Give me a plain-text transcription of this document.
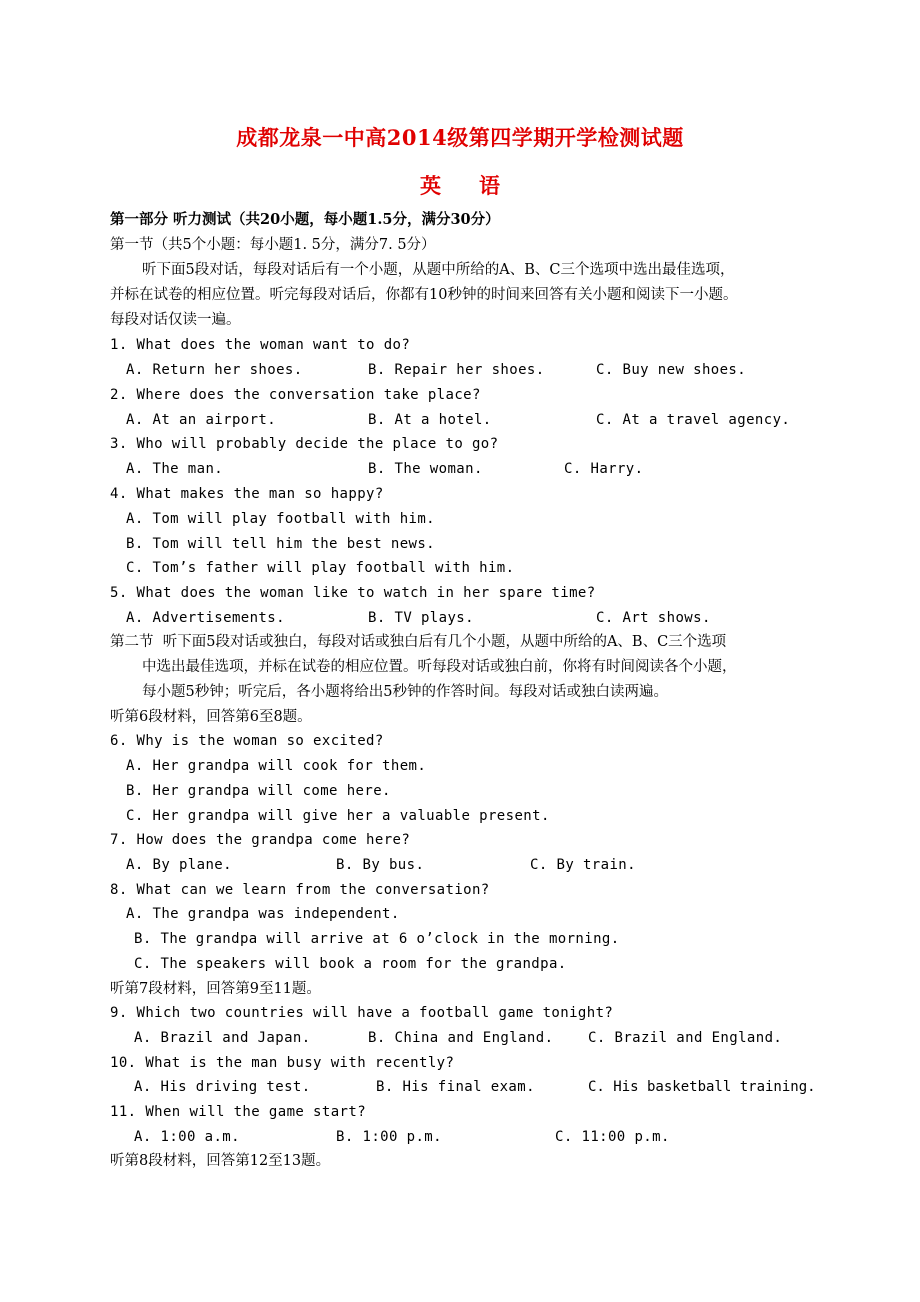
成都龙泉一中高2014级第四学期开学检测试题
英语
第一部分 听力测试（共20小题，每小题1.5分，满分30分）
第一节（共5个小题：每小题1. 5分，满分7. 5分）
听下面5段对话，每段对话后有一个小题，从题中所给的A、B、C三个选项中选出最佳选项，
并标在试卷的相应位置。听完每段对话后，你都有10秒钟的时间来回答有关小题和阅读下一小题。
每段对话仅读一遍。
1. What does the woman want to do?
A. Return her shoes.	B. Repair her shoes.	C. Buy new shoes.
2. Where does the conversation take place?
A. At an airport.	B. At a hotel.	C. At a travel agency.
3. Who will probably decide the place to go?
A. The man.	B. The woman.	C. Harry.
4. What makes the man so happy?
A. Tom will play football with him.
B. Tom will tell him the best news.
C. Tom’s father will play football with him.
5. What does the woman like to watch in her spare time?
A. Advertisements.	B. TV plays.	C. Art shows.
第二节  听下面5段对话或独白，每段对话或独白后有几个小题，从题中所给的A、B、C三个选项
中选出最佳选项，并标在试卷的相应位置。听每段对话或独白前，你将有时间阅读各个小题，
每小题5秒钟；听完后，各小题将给出5秒钟的作答时间。每段对话或独白读两遍。
听第6段材料，回答第6至8题。
6. Why is the woman so excited?
A. Her grandpa will cook for them.
B. Her grandpa will come here.
C. Her grandpa will give her a valuable present.
7. How does the grandpa come here?
A. By plane.	B. By bus.	C. By train.
8. What can we learn from the conversation?
A. The grandpa was independent.
B. The grandpa will arrive at 6 o’clock in the morning.
C. The speakers will book a room for the grandpa.
听第7段材料，回答第9至11题。
9. Which two countries will have a football game tonight?
A. Brazil and Japan.	B. China and England. C. Brazil and England.
10. What is the man busy with recently?
A. His driving test.	B. His final exam.	C. His basketball training.
11. When will the game start?
A. 1:00 a.m.	B. 1:00 p.m.	C. 11:00 p.m.
听第8段材料，回答第12至13题。
